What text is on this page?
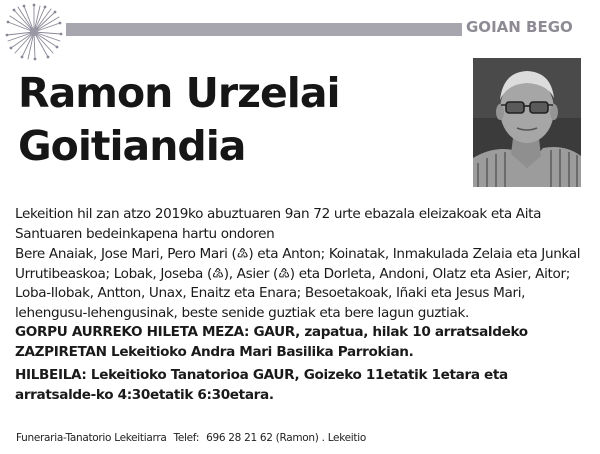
GOIAN BEGO
Ramon Urzelai
Goitiandia

Lekeition hil zan atzo 2019ko abuztuaren 9an 72 urte ebazala eleizakoak eta Aita Santuaren bedeinkapena hartu ondoren

Bere Anaiak, Jose Mari, Pero Mari (♴) eta Anton; Koinatak, Inmakulada Zelaia eta Junkal Urrutibeaskoa; Lobak, Joseba (♴), Asier (♴) eta Dorleta, Andoni, Olatz eta Asier, Aitor; Loba-Ilobak, Antton, Unax, Enaitz eta Enara; Besoetakoak, Iñaki eta Jesus Mari, lehengusu-lehengusinak, beste senide guztiak eta bere lagun guztiak.

GORPU AURREKO HILETA MEZA: GAUR, zapatua, hilak 10 arratsaldeko ZAZPIRETAN Lekeitioko Andra Mari Basilika Parrokian.

HILBEILA: Lekeitioko Tanatorioa GAUR, Goizeko 11etatik 1etara eta arratsalde-ko 4:30etatik 6:30etara.

Funeraria-Tanatorio Lekeitiarra Telef: 696 28 21 62 (Ramon) . Lekeitio
